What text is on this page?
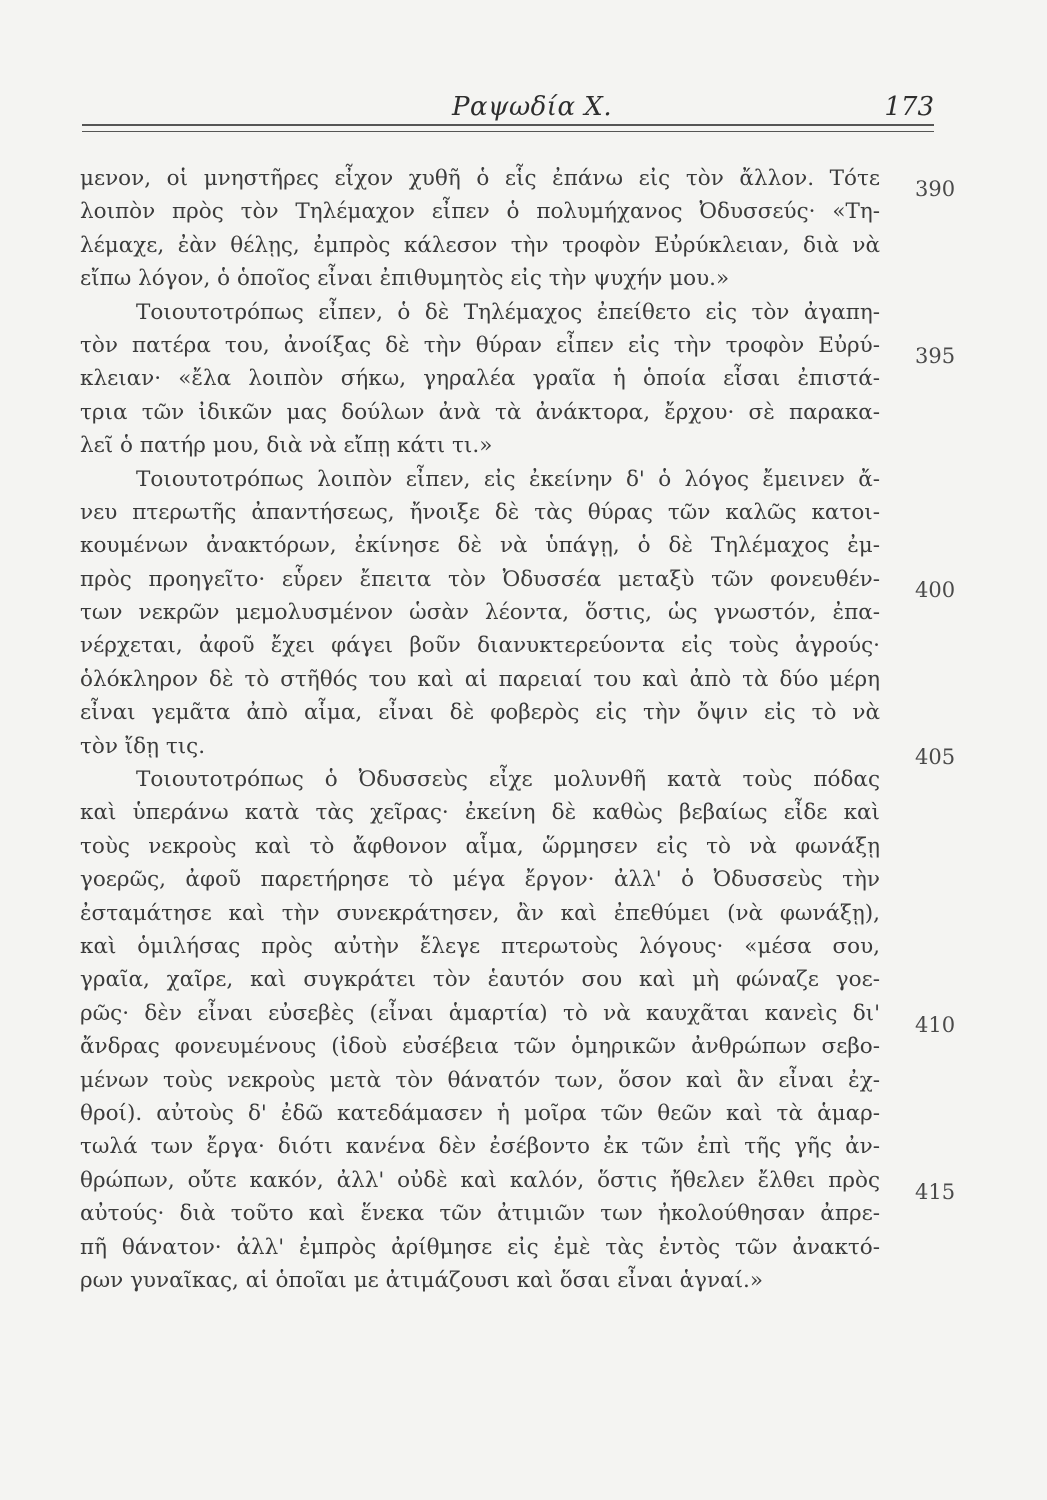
Ραψωδία Χ.	173
μενον, οἱ μνηστῆρες εἶχον χυθῆ ὁ εἷς ἐπάνω εἰς τὸν ἄλλον. Τότε
λοιπὸν πρὸς τὸν Τηλέμαχον εἶπεν ὁ πολυμήχανος Ὀδυσσεύς· «Τη-
λέμαχε, ἐὰν θέλῃς, ἐμπρὸς κάλεσον τὴν τροφὸν Εὐρύκλειαν, διὰ νὰ
εἴπω λόγον, ὁ ὁποῖος εἶναι ἐπιθυμητὸς εἰς τὴν ψυχήν μου.»
Τοιουτοτρόπως εἶπεν, ὁ δὲ Τηλέμαχος ἐπείθετο εἰς τὸν ἀγαπη-
τὸν πατέρα του, ἀνοίξας δὲ τὴν θύραν εἶπεν εἰς τὴν τροφὸν Εὐρύ-
κλειαν· «ἔλα λοιπὸν σήκω, γηραλέα γραῖα ἡ ὁποία εἶσαι ἐπιστά-
τρια τῶν ἰδικῶν μας δούλων ἀνὰ τὰ ἀνάκτορα, ἔρχου· σὲ παρακα-
λεῖ ὁ πατήρ μου, διὰ νὰ εἴπῃ κάτι τι.»
Τοιουτοτρόπως λοιπὸν εἶπεν, εἰς ἐκείνην δ' ὁ λόγος ἔμεινεν ἄ-
νευ πτερωτῆς ἀπαντήσεως, ἤνοιξε δὲ τὰς θύρας τῶν καλῶς κατοι-
κουμένων ἀνακτόρων, ἐκίνησε δὲ νὰ ὑπάγῃ, ὁ δὲ Τηλέμαχος ἐμ-
πρὸς προηγεῖτο· εὗρεν ἔπειτα τὸν Ὀδυσσέα μεταξὺ τῶν φονευθέν-
των νεκρῶν μεμολυσμένον ὡσὰν λέοντα, ὅστις, ὡς γνωστόν, ἐπα-
νέρχεται, ἀφοῦ ἔχει φάγει βοῦν διανυκτερεύοντα εἰς τοὺς ἀγρούς·
ὁλόκληρον δὲ τὸ στῆθός του καὶ αἱ παρειαί του καὶ ἀπὸ τὰ δύο μέρη
εἶναι γεμᾶτα ἀπὸ αἷμα, εἶναι δὲ φοβερὸς εἰς τὴν ὄψιν εἰς τὸ νὰ
τὸν ἴδῃ τις.
Τοιουτοτρόπως ὁ Ὀδυσσεὺς εἶχε μολυνθῆ κατὰ τοὺς πόδας
καὶ ὑπεράνω κατὰ τὰς χεῖρας· ἐκείνη δὲ καθὼς βεβαίως εἶδε καὶ
τοὺς νεκροὺς καὶ τὸ ἄφθονον αἷμα, ὥρμησεν εἰς τὸ νὰ φωνάξῃ
γοερῶς, ἀφοῦ παρετήρησε τὸ μέγα ἔργον· ἀλλ' ὁ Ὀδυσσεὺς τὴν
ἐσταμάτησε καὶ τὴν συνεκράτησεν, ἂν καὶ ἐπεθύμει (νὰ φωνάξῃ),
καὶ ὁμιλήσας πρὸς αὐτὴν ἔλεγε πτερωτοὺς λόγους· «μέσα σου,
γραῖα, χαῖρε, καὶ συγκράτει τὸν ἑαυτόν σου καὶ μὴ φώναζε γοε-
ρῶς· δὲν εἶναι εὐσεβὲς (εἶναι ἁμαρτία) τὸ νὰ καυχᾶται κανεὶς δι'
ἄνδρας φονευμένους (ἰδοὺ εὐσέβεια τῶν ὁμηρικῶν ἀνθρώπων σεβο-
μένων τοὺς νεκροὺς μετὰ τὸν θάνατόν των, ὅσον καὶ ἂν εἶναι ἐχ-
θροί). αὐτοὺς δ' ἐδῶ κατεδάμασεν ἡ μοῖρα τῶν θεῶν καὶ τὰ ἁμαρ-
τωλά των ἔργα· διότι κανένα δὲν ἐσέβοντο ἐκ τῶν ἐπὶ τῆς γῆς ἀν-
θρώπων, οὔτε κακόν, ἀλλ' οὐδὲ καὶ καλόν, ὅστις ἤθελεν ἔλθει πρὸς
αὐτούς· διὰ τοῦτο καὶ ἕνεκα τῶν ἀτιμιῶν των ἠκολούθησαν ἀπρε-
πῆ θάνατον· ἀλλ' ἐμπρὸς ἀρίθμησε εἰς ἐμὲ τὰς ἐντὸς τῶν ἀνακτό-
ρων γυναῖκας, αἱ ὁποῖαι με ἀτιμάζουσι καὶ ὅσαι εἶναι ἁγναί.»
390
395
400
405
410
415
